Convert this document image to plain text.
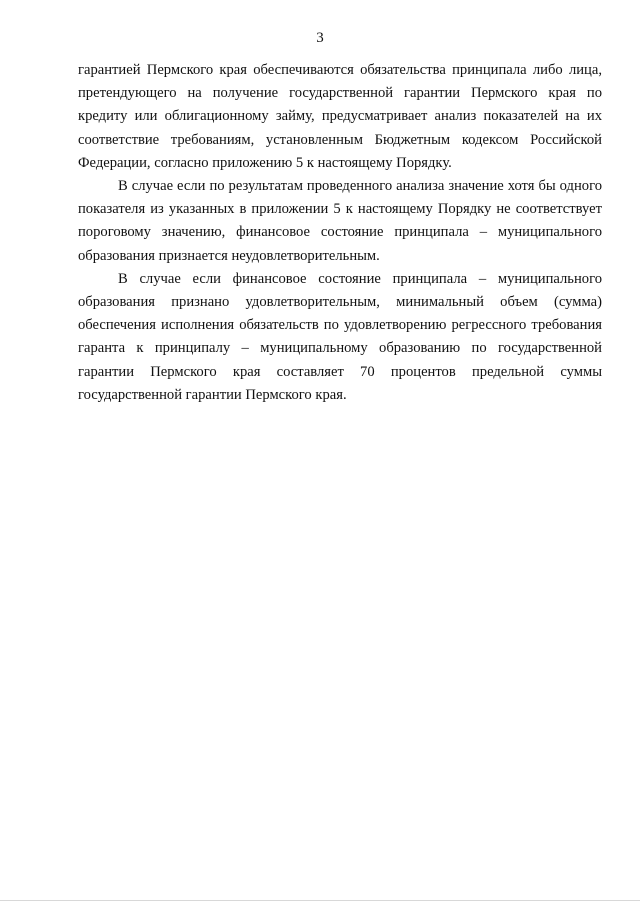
3

гарантией Пермского края обеспечиваются обязательства принципала либо лица, претендующего на получение государственной гарантии Пермского края по кредиту или облигационному займу, предусматривает анализ показателей на их соответствие требованиям, установленным Бюджетным кодексом Российской Федерации, согласно приложению 5 к настоящему Порядку.

В случае если по результатам проведенного анализа значение хотя бы одного показателя из указанных в приложении 5 к настоящему Порядку не соответствует пороговому значению, финансовое состояние принципала – муниципального образования признается неудовлетворительным.

В случае если финансовое состояние принципала – муниципального образования признано удовлетворительным, минимальный объем (сумма) обеспечения исполнения обязательств по удовлетворению регрессного требования гаранта к принципалу – муниципальному образованию по государственной гарантии Пермского края составляет 70 процентов предельной суммы государственной гарантии Пермского края.
